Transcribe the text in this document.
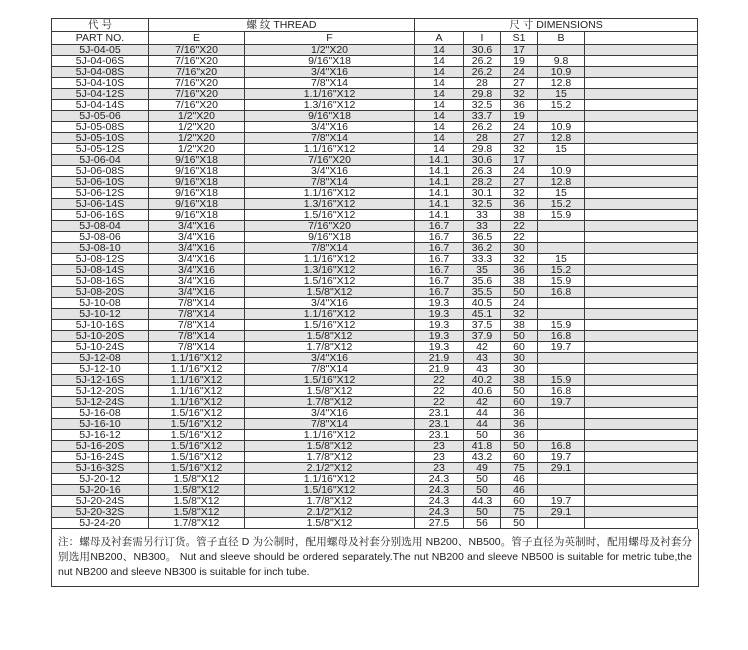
代 号	螺 纹 THREAD		尺 寸 DIMENSIONS				
PART NO.	E	F	A	I	S1	B	
5J-04-05	7/16"X20	1/2"X20	14	30.6	17		
5J-04-06S	7/16"X20	9/16"X18	14	26.2	19	9.8	
5J-04-08S	7/16"x20	3/4"X16	14	26.2	24	10.9	
5J-04-10S	7/16"X20	7/8"X14	14	28	27	12.8	
5J-04-12S	7/16"X20	1.1/16"X12	14	29.8	32	15	
5J-04-14S	7/16"X20	1.3/16"X12	14	32.5	36	15.2	
5J-05-06	1/2"X20	9/16"X18	14	33.7	19		
5J-05-08S	1/2"X20	3/4"X16	14	26.2	24	10.9	
5J-05-10S	1/2"X20	7/8"X14	14	28	27	12.8	
5J-05-12S	1/2"X20	1.1/16"X12	14	29.8	32	15	
5J-06-04	9/16"X18	7/16"X20	14.1	30.6	17		
5J-06-08S	9/16"X18	3/4"X16	14.1	26.3	24	10.9	
5J-06-10S	9/16"X18	7/8"X14	14.1	28.2	27	12.8	
5J-06-12S	9/16"X18	1.1/16"X12	14.1	30.1	32	15	
5J-06-14S	9/16"X18	1.3/16"X12	14.1	32.5	36	15.2	
5J-06-16S	9/16"X18	1.5/16"X12	14.1	33	38	15.9	
5J-08-04	3/4"X16	7/16"X20	16.7	33	22		
5J-08-06	3/4"X16	9/16"X18	16.7	36.5	22		
5J-08-10	3/4"X16	7/8"X14	16.7	36.2	30		
5J-08-12S	3/4"X16	1.1/16"X12	16.7	33.3	32	15	
5J-08-14S	3/4"X16	1.3/16"X12	16.7	35	36	15.2	
5J-08-16S	3/4"X16	1.5/16"X12	16.7	35.6	38	15.9	
5J-08-20S	3/4"X16	1.5/8"X12	16.7	35.5	50	16.8	
5J-10-08	7/8"X14	3/4"X16	19.3	40.5	24		
5J-10-12	7/8"X14	1.1/16"X12	19.3	45.1	32		
5J-10-16S	7/8"X14	1.5/16"X12	19.3	37.5	38	15.9	
5J-10-20S	7/8"X14	1.5/8"X12	19.3	37.9	50	16.8	
5J-10-24S	7/8"X14	1.7/8"X12	19.3	42	60	19.7	
5J-12-08	1.1/16"X12	3/4"X16	21.9	43	30		
5J-12-10	1.1/16"X12	7/8"X14	21.9	43	30		
5J-12-16S	1.1/16"X12	1.5/16"X12	22	40.2	38	15.9	
5J-12-20S	1.1/16"X12	1.5/8"X12	22	40.6	50	16.8	
5J-12-24S	1.1/16"X12	1.7/8"X12	22	42	60	19.7	
5J-16-08	1.5/16"X12	3/4"X16	23.1	44	36		
5J-16-10	1.5/16"X12	7/8"X14	23.1	44	36		
5J-16-12	1.5/16"X12	1.1/16"X12	23.1	50	36		
5J-16-20S	1.5/16"X12	1.5/8"X12	23	41.8	50	16.8	
5J-16-24S	1.5/16"X12	1.7/8"X12	23	43.2	60	19.7	
5J-16-32S	1.5/16"X12	2.1/2"X12	23	49	75	29.1	
5J-20-12	1.5/8"X12	1.1/16"X12	24.3	50	46		
5J-20-16	1.5/8"X12	1.5/16"X12	24.3	50	46		
5J-20-24S	1.5/8"X12	1.7/8"X12	24.3	44.3	60	19.7	
5J-20-32S	1.5/8"X12	2.1/2"X12	24.3	50	75	29.1	
5J-24-20	1.7/8"X12	1.5/8"X12	27.5	56	50		
注：螺母及衬套需另行订货。管子直径 D 为公制时，配用螺母及衬套分别选用 NB200、NB500。管子直径为英制时，配用螺母及衬套分别选用NB200、NB300。 Nut and sleeve should be ordered separately.The nut NB200 and sleeve NB500 is suitable for metric tube,the nut NB200 and sleeve NB300 is suitable for inch tube.
